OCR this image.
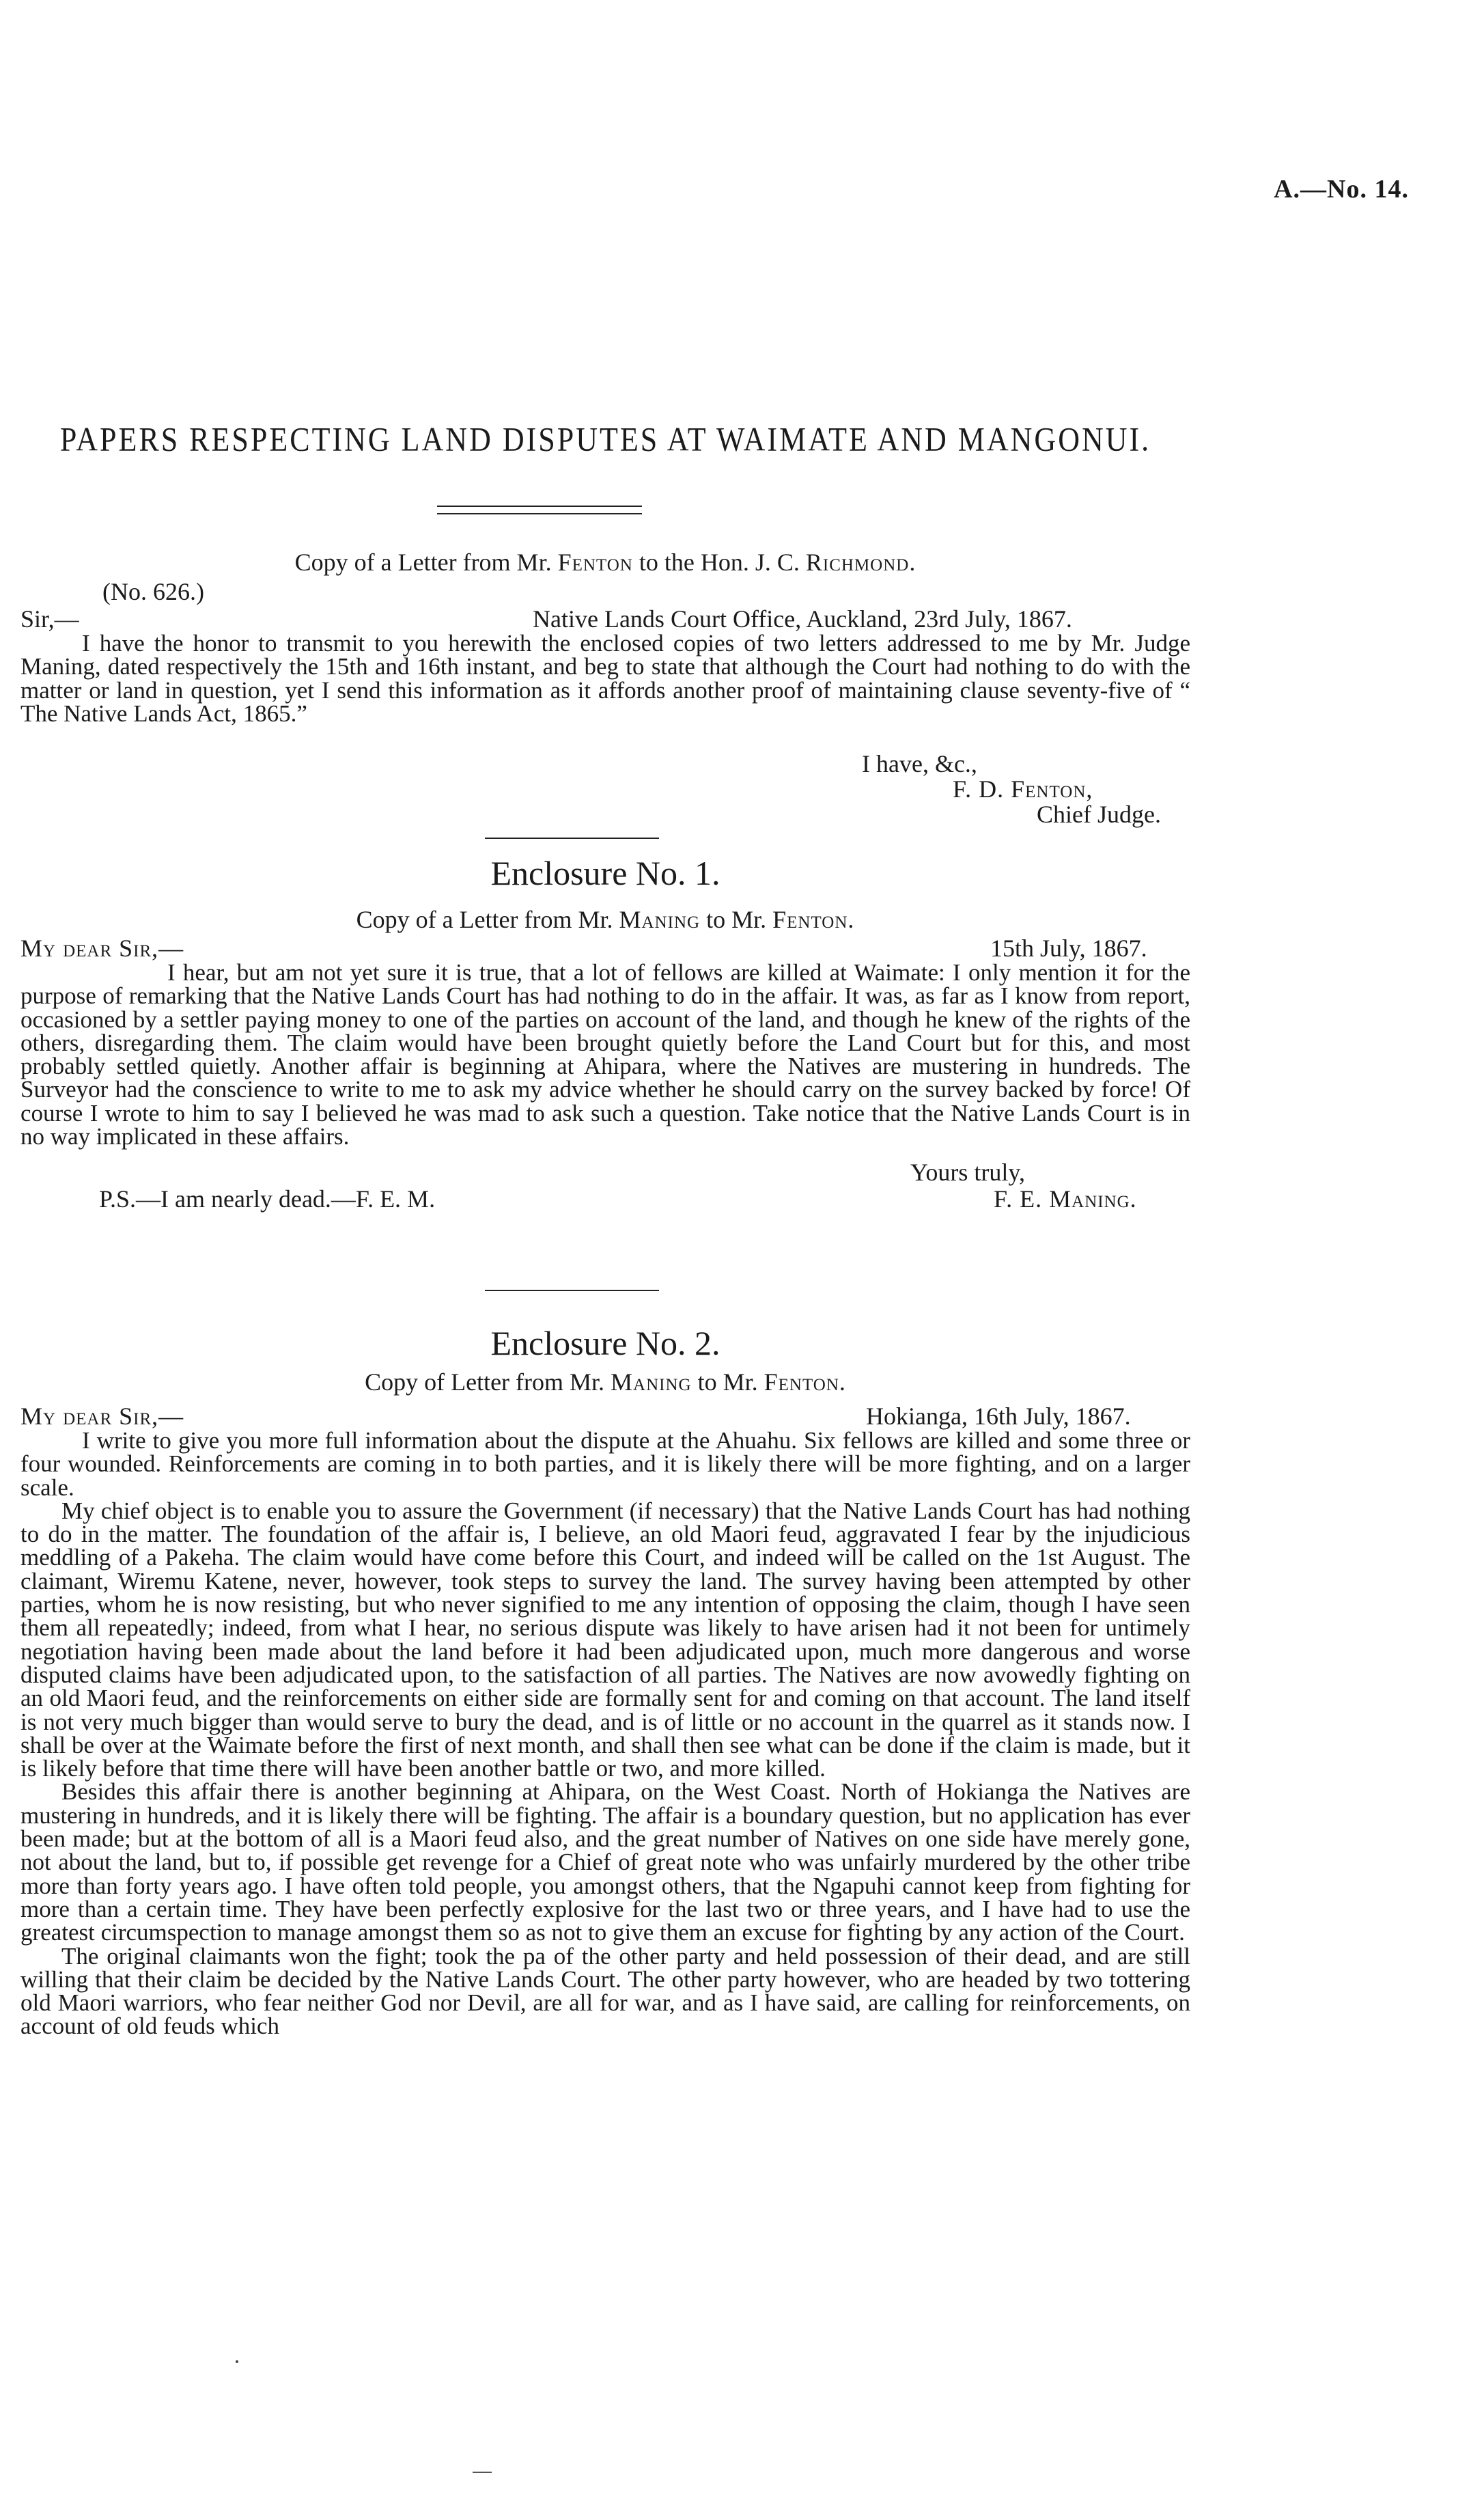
A.—No. 14.
PAPERS RESPECTING LAND DISPUTES AT WAIMATE AND MANGONUI.
Copy of a Letter from Mr. Fenton to the Hon. J. C. Richmond.
(No. 626.)
Sir,—	Native Lands Court Office, Auckland, 23rd July, 1867.
I have the honor to transmit to you herewith the enclosed copies of two letters addressed to me by Mr. Judge Maning, dated respectively the 15th and 16th instant, and beg to state that although the Court had nothing to do with the matter or land in question, yet I send this information as it affords another proof of maintaining clause seventy-five of “ The Native Lands Act, 1865.”
I have, &c.,
F. D. Fenton,
Chief Judge.
Enclosure No. 1.
Copy of a Letter from Mr. Maning to Mr. Fenton.
My dear Sir,—	15th July, 1867.
I hear, but am not yet sure it is true, that a lot of fellows are killed at Waimate: I only mention it for the purpose of remarking that the Native Lands Court has had nothing to do in the affair. It was, as far as I know from report, occasioned by a settler paying money to one of the parties on account of the land, and though he knew of the rights of the others, disregarding them. The claim would have been brought quietly before the Land Court but for this, and most probably settled quietly. Another affair is beginning at Ahipara, where the Natives are mustering in hundreds. The Surveyor had the conscience to write to me to ask my advice whether he should carry on the survey backed by force! Of course I wrote to him to say I believed he was mad to ask such a question. Take notice that the Native Lands Court is in no way implicated in these affairs.
Yours truly,
P.S.—I am nearly dead.—F. E. M.	F. E. Maning.
Enclosure No. 2.
Copy of Letter from Mr. Maning to Mr. Fenton.
My dear Sir,—	Hokianga, 16th July, 1867.

I write to give you more full information about the dispute at the Ahuahu. Six fellows are killed and some three or four wounded. Reinforcements are coming in to both parties, and it is likely there will be more fighting, and on a larger scale.

My chief object is to enable you to assure the Government (if necessary) that the Native Lands Court has had nothing to do in the matter. The foundation of the affair is, I believe, an old Maori feud, aggravated I fear by the injudicious meddling of a Pakeha. The claim would have come before this Court, and indeed will be called on the 1st August. The claimant, Wiremu Katene, never, however, took steps to survey the land. The survey having been attempted by other parties, whom he is now resisting, but who never signified to me any intention of opposing the claim, though I have seen them all repeatedly; indeed, from what I hear, no serious dispute was likely to have arisen had it not been for untimely negotiation having been made about the land before it had been adjudicated upon, much more dangerous and worse disputed claims have been adjudicated upon, to the satisfaction of all parties. The Natives are now avowedly fighting on an old Maori feud, and the reinforcements on either side are formally sent for and coming on that account. The land itself is not very much bigger than would serve to bury the dead, and is of little or no account in the quarrel as it stands now. I shall be over at the Waimate before the first of next month, and shall then see what can be done if the claim is made, but it is likely before that time there will have been another battle or two, and more killed.

Besides this affair there is another beginning at Ahipara, on the West Coast. North of Hokianga the Natives are mustering in hundreds, and it is likely there will be fighting. The affair is a boundary question, but no application has ever been made; but at the bottom of all is a Maori feud also, and the great number of Natives on one side have merely gone, not about the land, but to, if possible get revenge for a Chief of great note who was unfairly murdered by the other tribe more than forty years ago. I have often told people, you amongst others, that the Ngapuhi cannot keep from fighting for more than a certain time. They have been perfectly explosive for the last two or three years, and I have had to use the greatest circumspection to manage amongst them so as not to give them an excuse for fighting by any action of the Court.

The original claimants won the fight; took the pa of the other party and held possession of their dead, and are still willing that their claim be decided by the Native Lands Court. The other party however, who are headed by two tottering old Maori warriors, who fear neither God nor Devil, are all for war, and as I have said, are calling for reinforcements, on account of old feuds which
